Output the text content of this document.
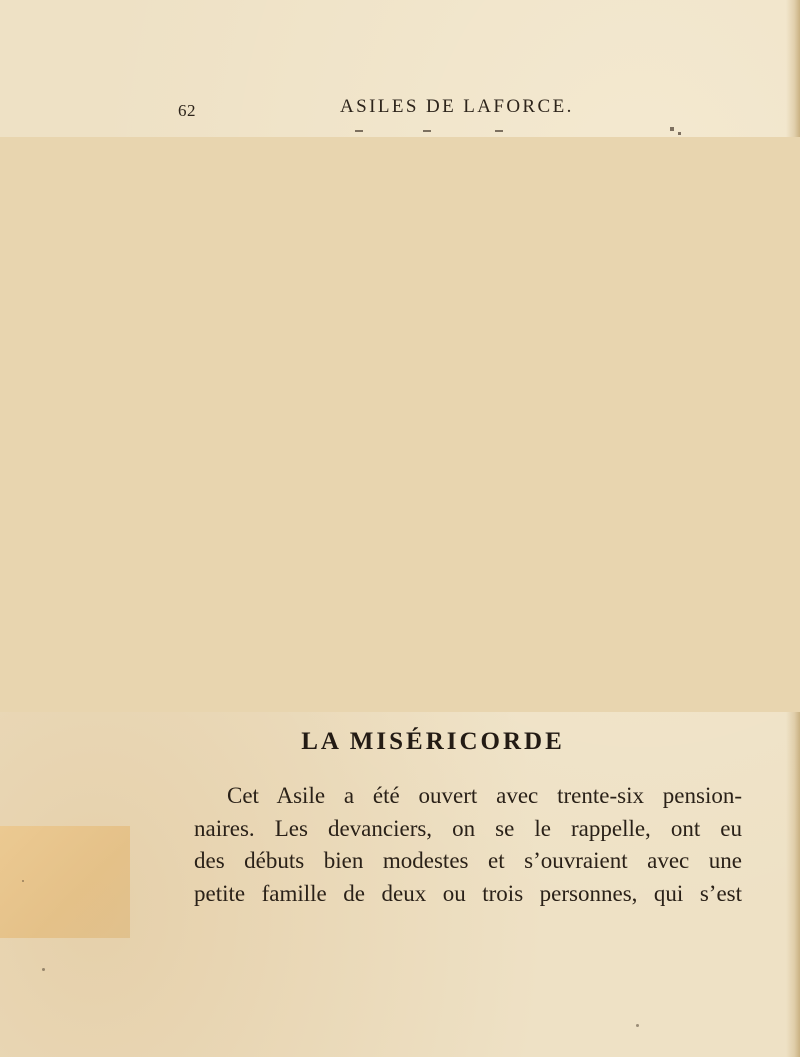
62	ASILES DE LAFORCE.
LA MISÉRICORDE
Cet Asile a été ouvert avec trente-six pension-
naires. Les devanciers, on se le rappelle, ont eu
des débuts bien modestes et s’ouvraient avec une
petite famille de deux ou trois personnes, qui s’est
